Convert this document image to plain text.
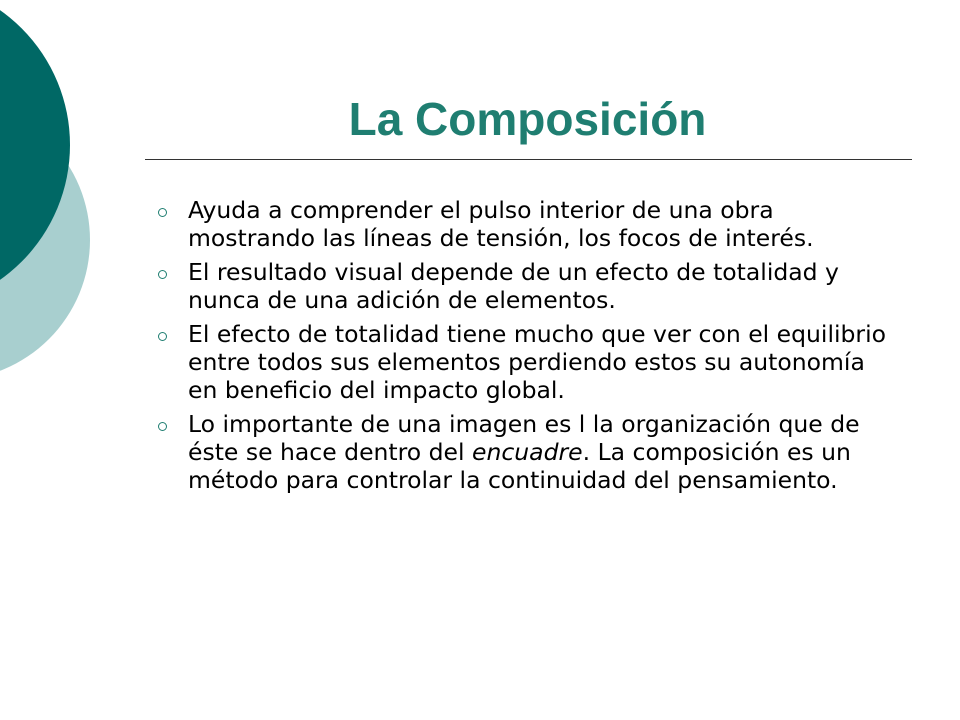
La Composición
Ayuda a comprender el pulso interior de una obra mostrando las líneas de tensión, los focos de interés.
El resultado visual depende de un efecto de totalidad y nunca de una adición de elementos.
El efecto de totalidad tiene mucho que ver con el equilibrio entre todos sus elementos perdiendo estos su autonomía en beneficio del impacto global.
Lo importante de una imagen es l la organización que de éste se hace dentro del encuadre. La composición es un método para controlar la continuidad del pensamiento.
